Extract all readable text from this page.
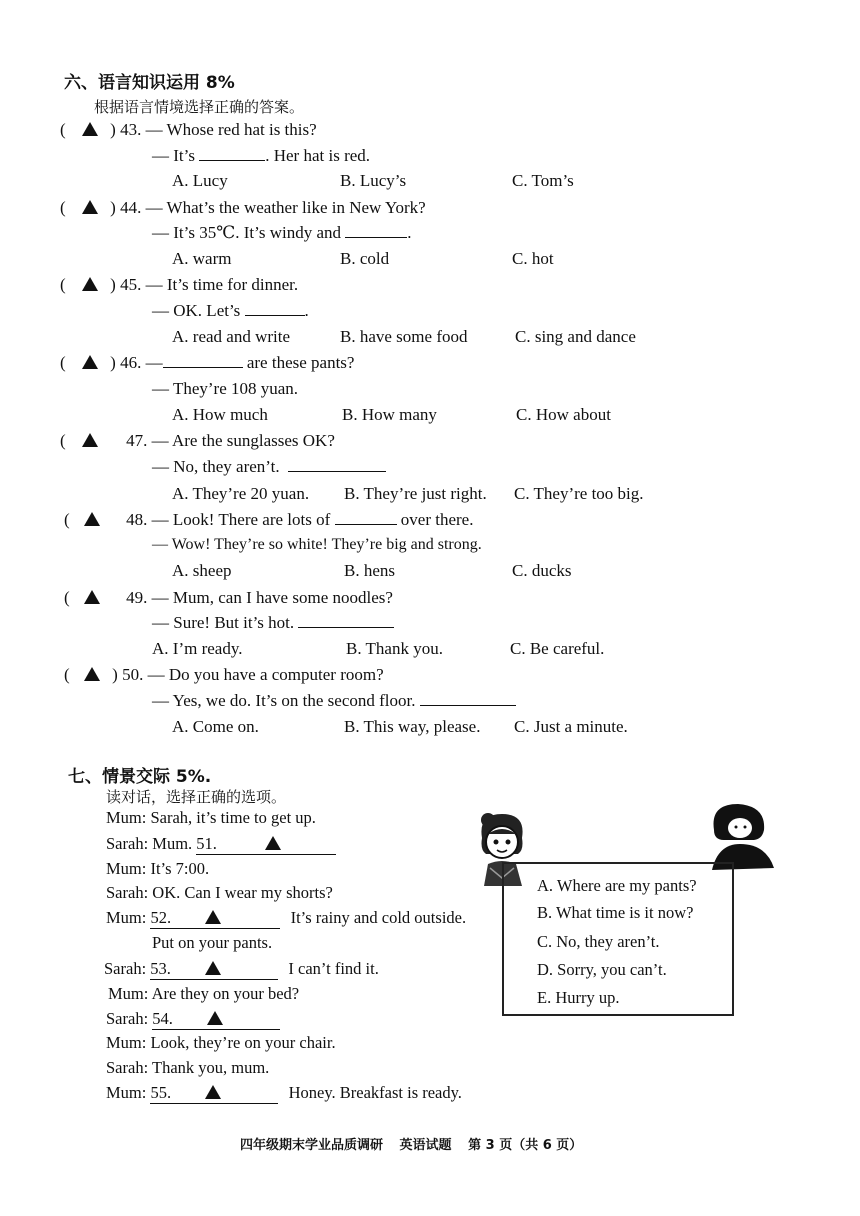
六、语言知识运用 8%
根据语言情境选择正确的答案。
(	) 43. — Whose red hat is this?
— It’s	. Her hat is red.
A. Lucy	B. Lucy’s	C. Tom’s
(	) 44. — What’s the weather like in New York?
— It’s 35℃. It’s windy and	.
A. warm	B. cold	C. hot
(	) 45. — It’s time for dinner.
— OK. Let’s	.
A. read and write	B. have some food	C. sing and dance
(	) 46. —	are these pants?
— They’re 108 yuan.
A. How much	B. How many	C. How about
(	47. — Are the sunglasses OK?
— No, they aren’t.
A. They’re 20 yuan. B. They’re just right. C. They’re too big.
(	48. — Look! There are lots of	over there.
— Wow! They’re so white! They’re big and strong.
A. sheep	B. hens	C. ducks
(	49. — Mum, can I have some noodles?
— Sure! But it’s hot.
A. I’m ready.	B. Thank you.	C. Be careful.
(	) 50. — Do you have a computer room?
— Yes, we do. It’s on the second floor.
A. Come on.	B. This way, please. C. Just a minute.
七、情景交际 5%.
读对话，选择正确的选项。
Mum: Sarah, it’s time to get up.
Sarah: Mum. 51.
Mum: It’s 7:00.
Sarah: OK. Can I wear my shorts?
Mum: 52.	It’s rainy and cold outside.
Put on your pants.
Sarah: 53.	I can’t find it.
Mum: Are they on your bed?
Sarah: 54.
Mum: Look, they’re on your chair.
Sarah: Thank you, mum.
Mum: 55.	Honey. Breakfast is ready.
A. Where are my pants?
B. What time is it now?
C. No, they aren’t.
D. Sorry, you can’t.
E. Hurry up.
四年级期末学业品质调研 英语试题 第 3 页（共 6 页）
